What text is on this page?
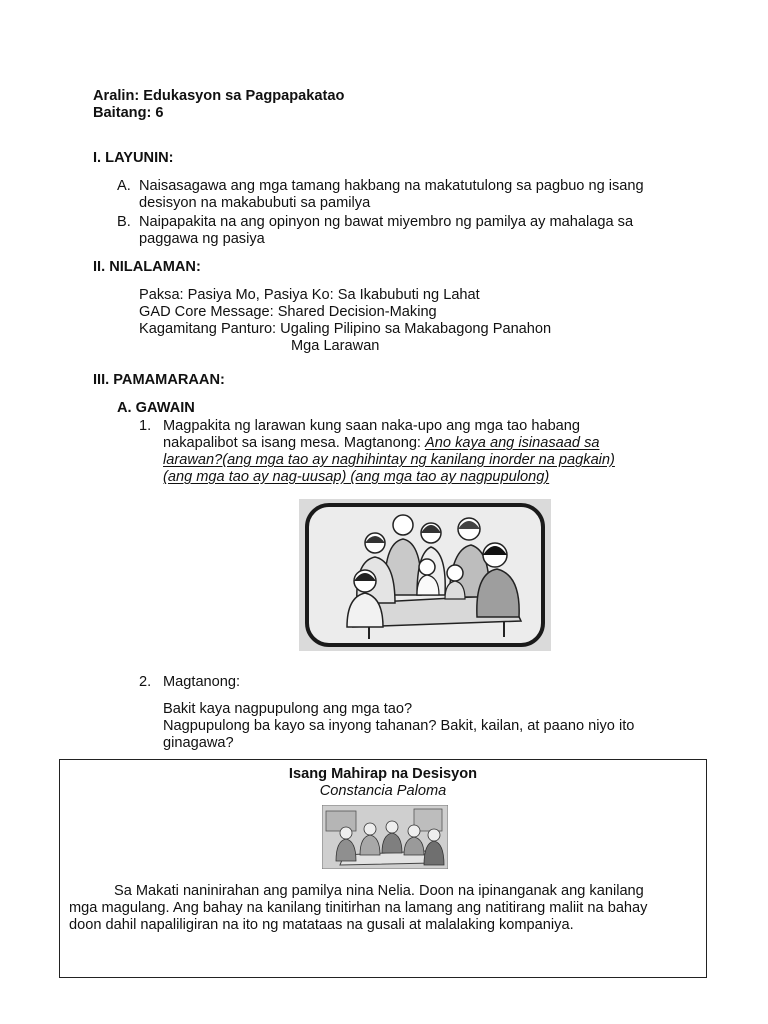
Aralin: Edukasyon sa Pagpapakatao
Baitang: 6
I. LAYUNIN:
A. Naisasagawa ang mga tamang hakbang na makatutulong sa pagbuo ng isang
desisyon na makabubuti sa pamilya
B. Naipapakita na ang opinyon ng bawat miyembro ng pamilya ay mahalaga sa
paggawa ng pasiya
II. NILALAMAN:
Paksa: Pasiya Mo, Pasiya Ko: Sa Ikabubuti ng Lahat
GAD Core Message: Shared Decision-Making
Kagamitang Panturo: Ugaling Pilipino sa Makabagong Panahon
Mga Larawan
III. PAMAMARAAN:
A. GAWAIN
1. Magpakita ng larawan kung saan naka-upo ang mga tao habang
nakapalibot sa isang mesa. Magtanong: Ano kaya ang isinasaad sa
larawan?(ang mga tao ay naghihintay ng kanilang inorder na pagkain)
(ang mga tao ay nag-uusap) (ang mga tao ay nagpupulong)
2. Magtanong:
Bakit kaya nagpupulong ang mga tao?
Nagpupulong ba kayo sa inyong tahanan? Bakit, kailan, at paano niyo ito
ginagawa?
Isang Mahirap na Desisyon
Constancia Paloma
Sa Makati naninirahan ang pamilya nina Nelia. Doon na ipinanganak ang kanilang
mga magulang. Ang bahay na kanilang tinitirhan na lamang ang natitirang maliit na bahay
doon dahil napaliligiran na ito ng matataas na gusali at malalaking kompaniya.
